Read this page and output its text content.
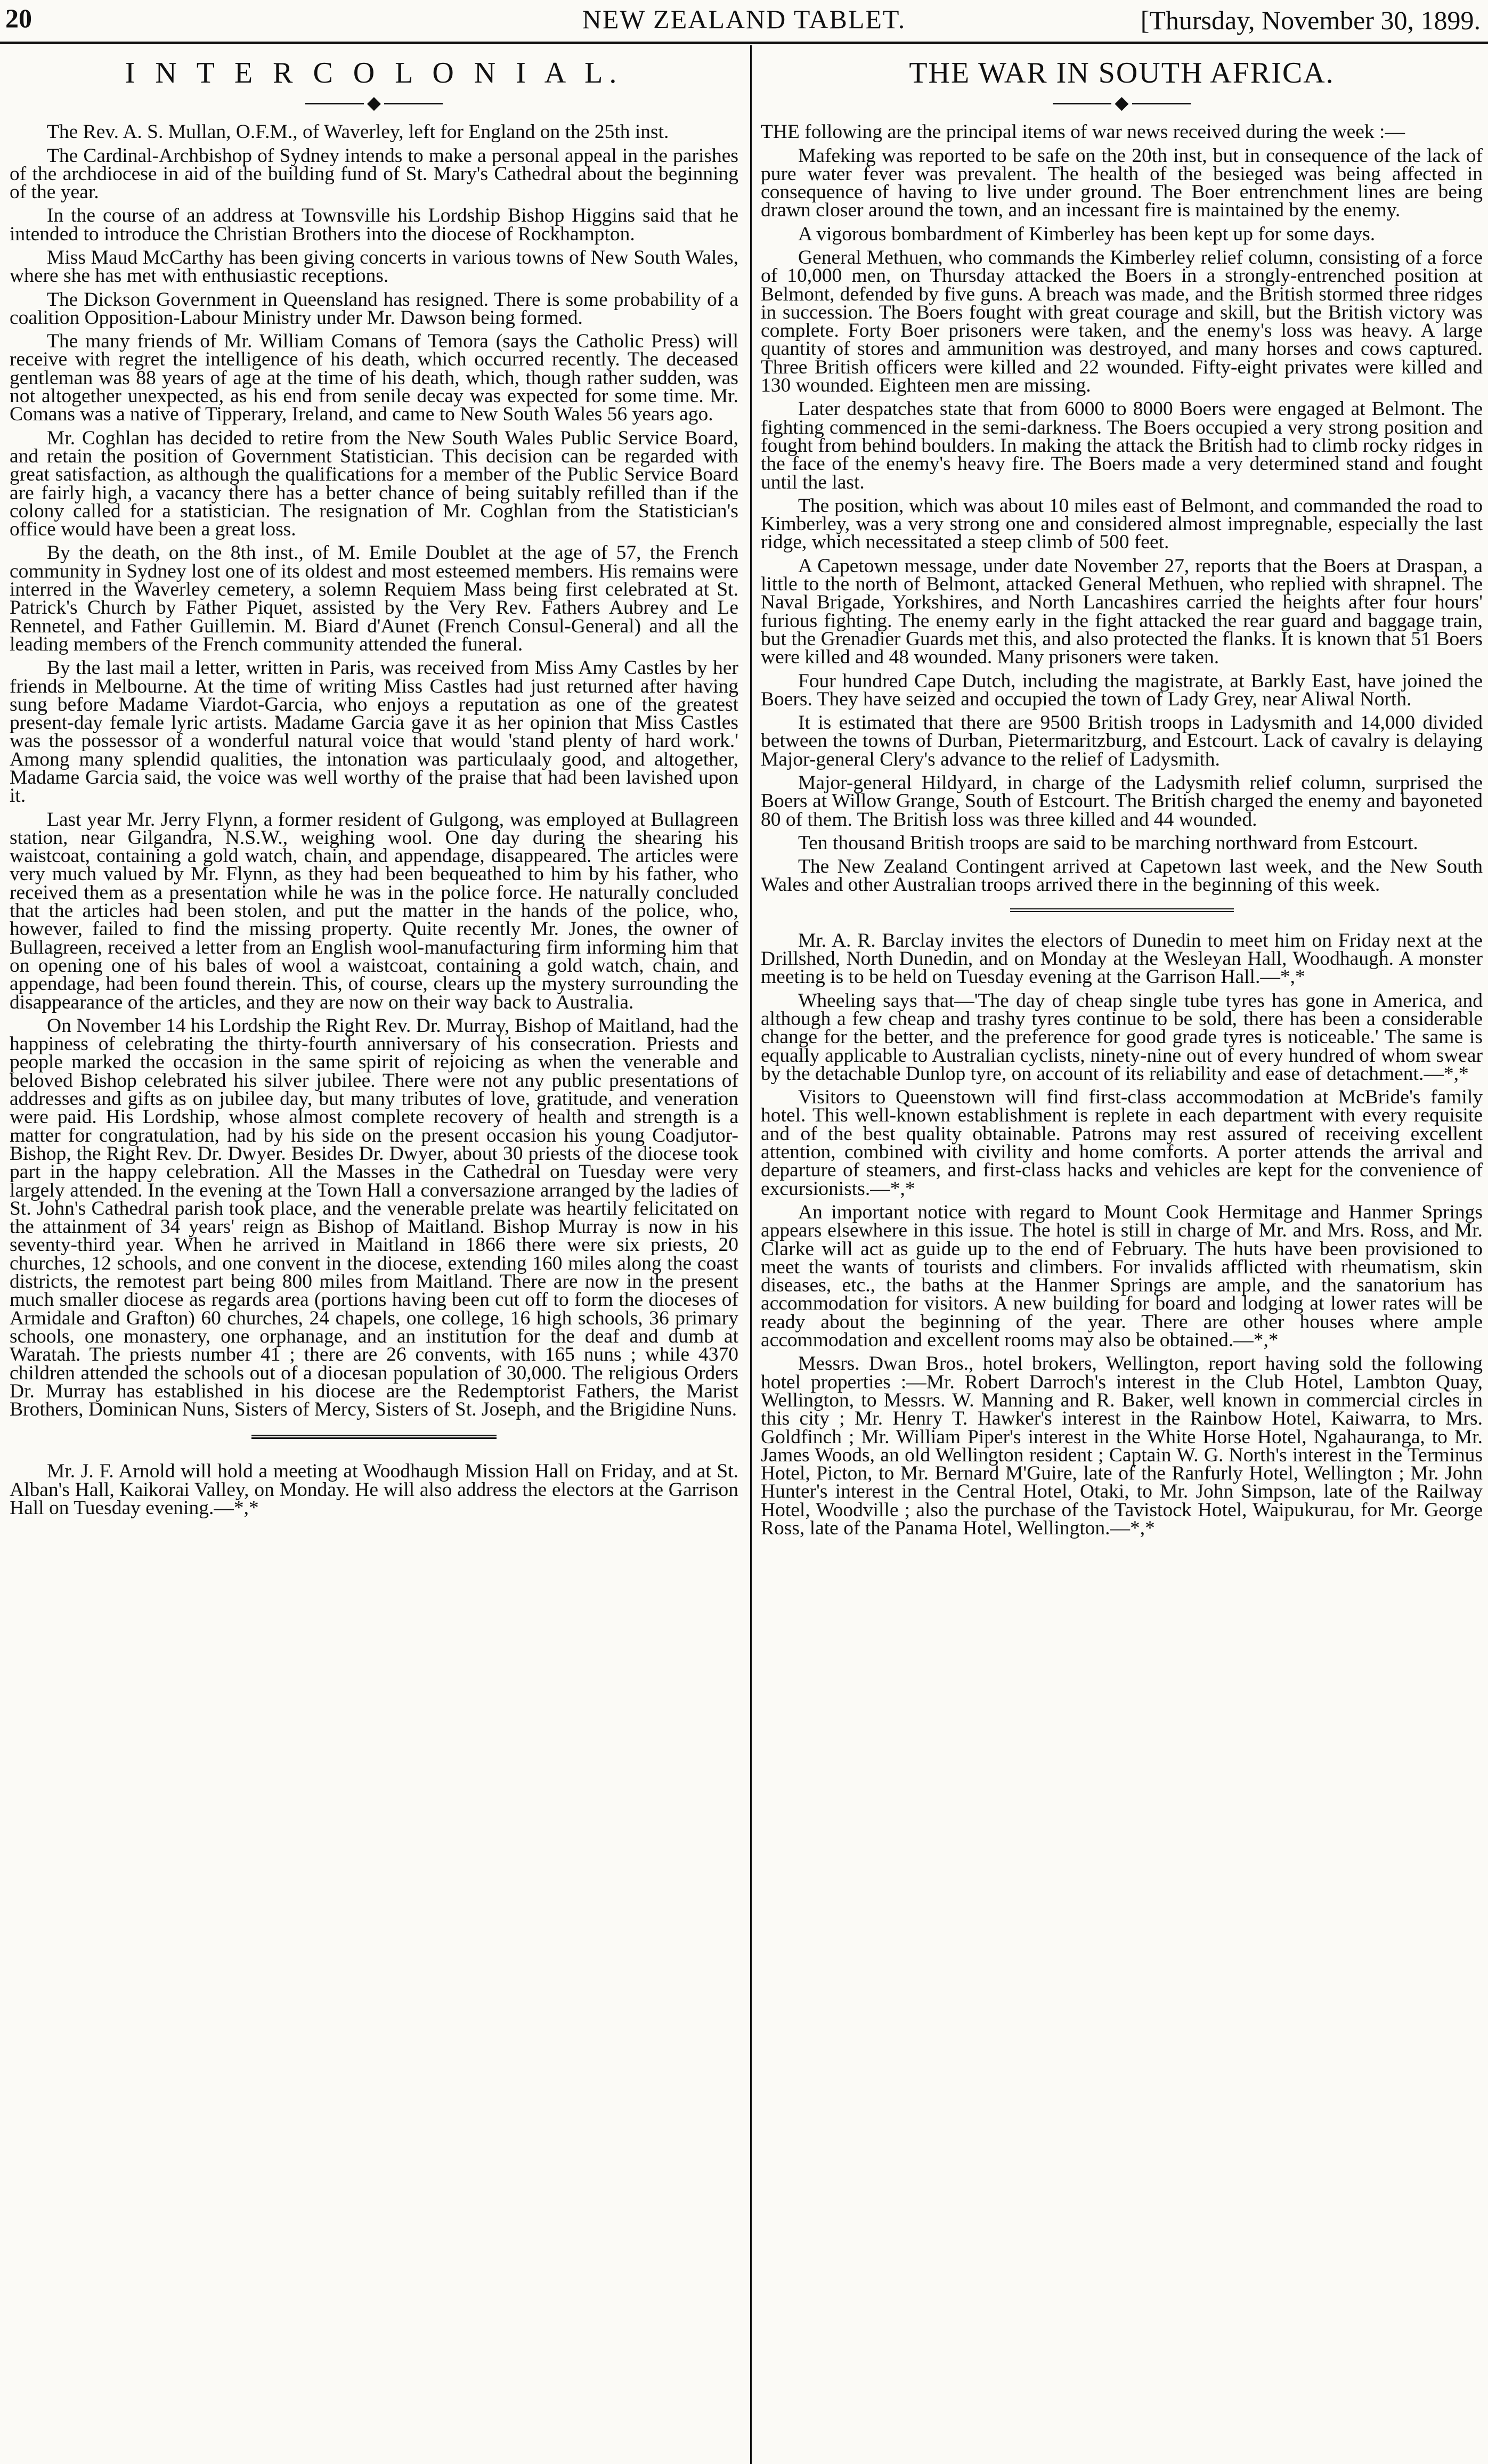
20	NEW ZEALAND TABLET.	[Thursday, November 30, 1899.
I N T E R C O L O N I A L.
◆

The Rev. A. S. Mullan, O.F.M., of Waverley, left for England on the 25th inst.

The Cardinal-Archbishop of Sydney intends to make a personal appeal in the parishes of the archdiocese in aid of the building fund of St. Mary's Cathedral about the beginning of the year.

In the course of an address at Townsville his Lordship Bishop Higgins said that he intended to introduce the Christian Brothers into the diocese of Rockhampton.

Miss Maud McCarthy has been giving concerts in various towns of New South Wales, where she has met with enthusiastic receptions.

The Dickson Government in Queensland has resigned. There is some probability of a coalition Opposition-Labour Ministry under Mr. Dawson being formed.

The many friends of Mr. William Comans of Temora (says the Catholic Press) will receive with regret the intelligence of his death, which occurred recently. The deceased gentleman was 88 years of age at the time of his death, which, though rather sudden, was not altogether unexpected, as his end from senile decay was expected for some time. Mr. Comans was a native of Tipperary, Ireland, and came to New South Wales 56 years ago.

Mr. Coghlan has decided to retire from the New South Wales Public Service Board, and retain the position of Government Statistician. This decision can be regarded with great satisfaction, as although the qualifications for a member of the Public Service Board are fairly high, a vacancy there has a better chance of being suitably refilled than if the colony called for a statistician. The resignation of Mr. Coghlan from the Statistician's office would have been a great loss.

By the death, on the 8th inst., of M. Emile Doublet at the age of 57, the French community in Sydney lost one of its oldest and most esteemed members. His remains were interred in the Waverley cemetery, a solemn Requiem Mass being first celebrated at St. Patrick's Church by Father Piquet, assisted by the Very Rev. Fathers Aubrey and Le Rennetel, and Father Guillemin. M. Biard d'Aunet (French Consul-General) and all the leading members of the French community attended the funeral.

By the last mail a letter, written in Paris, was received from Miss Amy Castles by her friends in Melbourne. At the time of writing Miss Castles had just returned after having sung before Madame Viardot-Garcia, who enjoys a reputation as one of the greatest present-day female lyric artists. Madame Garcia gave it as her opinion that Miss Castles was the possessor of a wonderful natural voice that would 'stand plenty of hard work.' Among many splendid qualities, the intonation was particulaaly good, and altogether, Madame Garcia said, the voice was well worthy of the praise that had been lavished upon it.

Last year Mr. Jerry Flynn, a former resident of Gulgong, was employed at Bullagreen station, near Gilgandra, N.S.W., weighing wool. One day during the shearing his waistcoat, containing a gold watch, chain, and appendage, disappeared. The articles were very much valued by Mr. Flynn, as they had been bequeathed to him by his father, who received them as a presentation while he was in the police force. He naturally concluded that the articles had been stolen, and put the matter in the hands of the police, who, however, failed to find the missing property. Quite recently Mr. Jones, the owner of Bullagreen, received a letter from an English wool-manufacturing firm informing him that on opening one of his bales of wool a waistcoat, containing a gold watch, chain, and appendage, had been found therein. This, of course, clears up the mystery surrounding the disappearance of the articles, and they are now on their way back to Australia.

On November 14 his Lordship the Right Rev. Dr. Murray, Bishop of Maitland, had the happiness of celebrating the thirty-fourth anniversary of his consecration. Priests and people marked the occasion in the same spirit of rejoicing as when the venerable and beloved Bishop celebrated his silver jubilee. There were not any public presentations of addresses and gifts as on jubilee day, but many tributes of love, gratitude, and veneration were paid. His Lordship, whose almost complete recovery of health and strength is a matter for congratulation, had by his side on the present occasion his young Coadjutor-Bishop, the Right Rev. Dr. Dwyer. Besides Dr. Dwyer, about 30 priests of the diocese took part in the happy celebration. All the Masses in the Cathedral on Tuesday were very largely attended. In the evening at the Town Hall a conversazione arranged by the ladies of St. John's Cathedral parish took place, and the venerable prelate was heartily felicitated on the attainment of 34 years' reign as Bishop of Maitland. Bishop Murray is now in his seventy-third year. When he arrived in Maitland in 1866 there were six priests, 20 churches, 12 schools, and one convent in the diocese, extending 160 miles along the coast districts, the remotest part being 800 miles from Maitland. There are now in the present much smaller diocese as regards area (portions having been cut off to form the dioceses of Armidale and Grafton) 60 churches, 24 chapels, one college, 16 high schools, 36 primary schools, one monastery, one orphanage, and an institution for the deaf and dumb at Waratah. The priests number 41 ; there are 26 convents, with 165 nuns ; while 4370 children attended the schools out of a diocesan population of 30,000. The religious Orders Dr. Murray has established in his diocese are the Redemptorist Fathers, the Marist Brothers, Dominican Nuns, Sisters of Mercy, Sisters of St. Joseph, and the Brigidine Nuns.

Mr. J. F. Arnold will hold a meeting at Woodhaugh Mission Hall on Friday, and at St. Alban's Hall, Kaikorai Valley, on Monday. He will also address the electors at the Garrison Hall on Tuesday evening.—*,*

THE WAR IN SOUTH AFRICA.
◆

THE following are the principal items of war news received during the week :—

Mafeking was reported to be safe on the 20th inst, but in consequence of the lack of pure water fever was prevalent. The health of the besieged was being affected in consequence of having to live under ground. The Boer entrenchment lines are being drawn closer around the town, and an incessant fire is maintained by the enemy.

A vigorous bombardment of Kimberley has been kept up for some days.

General Methuen, who commands the Kimberley relief column, consisting of a force of 10,000 men, on Thursday attacked the Boers in a strongly-entrenched position at Belmont, defended by five guns. A breach was made, and the British stormed three ridges in succession. The Boers fought with great courage and skill, but the British victory was complete. Forty Boer prisoners were taken, and the enemy's loss was heavy. A large quantity of stores and ammunition was destroyed, and many horses and cows captured. Three British officers were killed and 22 wounded. Fifty-eight privates were killed and 130 wounded. Eighteen men are missing.

Later despatches state that from 6000 to 8000 Boers were engaged at Belmont. The fighting commenced in the semi-darkness. The Boers occupied a very strong position and fought from behind boulders. In making the attack the British had to climb rocky ridges in the face of the enemy's heavy fire. The Boers made a very determined stand and fought until the last.

The position, which was about 10 miles east of Belmont, and commanded the road to Kimberley, was a very strong one and considered almost impregnable, especially the last ridge, which necessitated a steep climb of 500 feet.

A Capetown message, under date November 27, reports that the Boers at Draspan, a little to the north of Belmont, attacked General Methuen, who replied with shrapnel. The Naval Brigade, Yorkshires, and North Lancashires carried the heights after four hours' furious fighting. The enemy early in the fight attacked the rear guard and baggage train, but the Grenadier Guards met this, and also protected the flanks. It is known that 51 Boers were killed and 48 wounded. Many prisoners were taken.

Four hundred Cape Dutch, including the magistrate, at Barkly East, have joined the Boers. They have seized and occupied the town of Lady Grey, near Aliwal North.

It is estimated that there are 9500 British troops in Ladysmith and 14,000 divided between the towns of Durban, Pietermaritzburg, and Estcourt. Lack of cavalry is delaying Major-general Clery's advance to the relief of Ladysmith.

Major-general Hildyard, in charge of the Ladysmith relief column, surprised the Boers at Willow Grange, South of Estcourt. The British charged the enemy and bayoneted 80 of them. The British loss was three killed and 44 wounded.

Ten thousand British troops are said to be marching northward from Estcourt.

The New Zealand Contingent arrived at Capetown last week, and the New South Wales and other Australian troops arrived there in the beginning of this week.

Mr. A. R. Barclay invites the electors of Dunedin to meet him on Friday next at the Drillshed, North Dunedin, and on Monday at the Wesleyan Hall, Woodhaugh. A monster meeting is to be held on Tuesday evening at the Garrison Hall.—*,*

Wheeling says that—'The day of cheap single tube tyres has gone in America, and although a few cheap and trashy tyres continue to be sold, there has been a considerable change for the better, and the preference for good grade tyres is noticeable.' The same is equally applicable to Australian cyclists, ninety-nine out of every hundred of whom swear by the detachable Dunlop tyre, on account of its reliability and ease of detachment.—*,*

Visitors to Queenstown will find first-class accommodation at McBride's family hotel. This well-known establishment is replete in each department with every requisite and of the best quality obtainable. Patrons may rest assured of receiving excellent attention, combined with civility and home comforts. A porter attends the arrival and departure of steamers, and first-class hacks and vehicles are kept for the convenience of excursionists.—*,*

An important notice with regard to Mount Cook Hermitage and Hanmer Springs appears elsewhere in this issue. The hotel is still in charge of Mr. and Mrs. Ross, and Mr. Clarke will act as guide up to the end of February. The huts have been provisioned to meet the wants of tourists and climbers. For invalids afflicted with rheumatism, skin diseases, etc., the baths at the Hanmer Springs are ample, and the sanatorium has accommodation for visitors. A new building for board and lodging at lower rates will be ready about the beginning of the year. There are other houses where ample accommodation and excellent rooms may also be obtained.—*,*

Messrs. Dwan Bros., hotel brokers, Wellington, report having sold the following hotel properties :—Mr. Robert Darroch's interest in the Club Hotel, Lambton Quay, Wellington, to Messrs. W. Manning and R. Baker, well known in commercial circles in this city ; Mr. Henry T. Hawker's interest in the Rainbow Hotel, Kaiwarra, to Mrs. Goldfinch ; Mr. William Piper's interest in the White Horse Hotel, Ngahauranga, to Mr. James Woods, an old Wellington resident ; Captain W. G. North's interest in the Terminus Hotel, Picton, to Mr. Bernard M'Guire, late of the Ranfurly Hotel, Wellington ; Mr. John Hunter's interest in the Central Hotel, Otaki, to Mr. John Simpson, late of the Railway Hotel, Woodville ; also the purchase of the Tavistock Hotel, Waipukurau, for Mr. George Ross, late of the Panama Hotel, Wellington.—*,*
